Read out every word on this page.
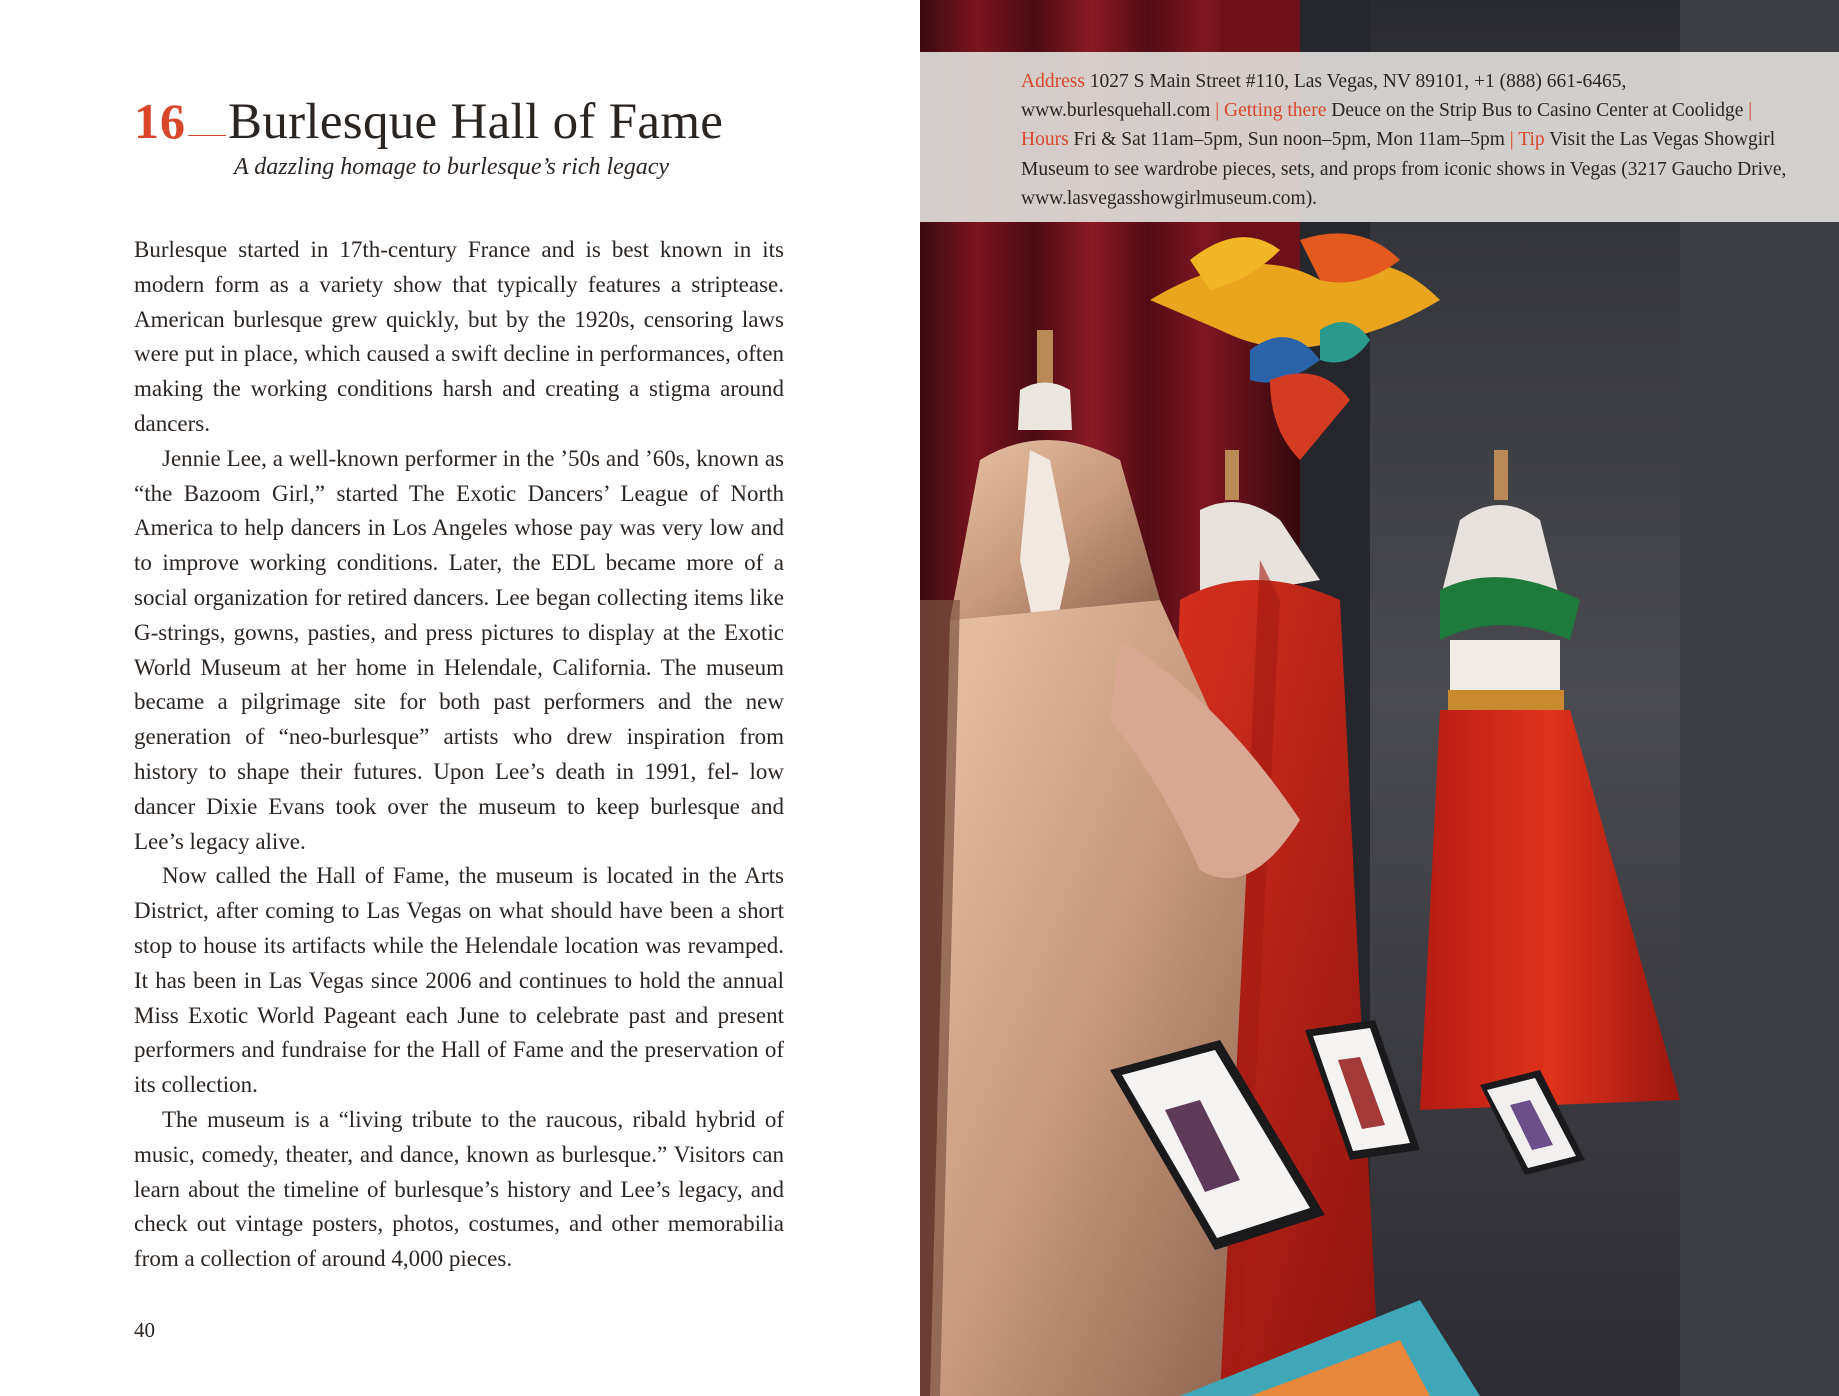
16 Burlesque Hall of Fame
A dazzling homage to burlesque’s rich legacy

Burlesque started in 17th-century France and is best known in its modern form as a variety show that typically features a striptease. American burlesque grew quickly, but by the 1920s, censoring laws were put in place, which caused a swift decline in performances, often making the working conditions harsh and creating a stigma around dancers.

Jennie Lee, a well-known performer in the ’50s and ’60s, known as “the Bazoom Girl,” started The Exotic Dancers’ League of North America to help dancers in Los Angeles whose pay was very low and to improve working conditions. Later, the EDL became more of a social organization for retired dancers. Lee began collecting items like G-strings, gowns, pasties, and press pictures to display at the Exotic World Museum at her home in Helendale, California. The museum became a pilgrimage site for both past performers and the new generation of “neo-burlesque” artists who drew inspiration from history to shape their futures. Upon Lee’s death in 1991, fel- low dancer Dixie Evans took over the museum to keep burlesque and Lee’s legacy alive.

Now called the Hall of Fame, the museum is located in the Arts District, after coming to Las Vegas on what should have been a short stop to house its artifacts while the Helendale location was revamped. It has been in Las Vegas since 2006 and continues to hold the annual Miss Exotic World Pageant each June to celebrate past and present performers and fundraise for the Hall of Fame and the preservation of its collection.

The museum is a “living tribute to the raucous, ribald hybrid of music, comedy, theater, and dance, known as burlesque.” Visitors can learn about the timeline of burlesque’s history and Lee’s legacy, and check out vintage posters, photos, costumes, and other memorabilia from a collection of around 4,000 pieces.

40
Address 1027 S Main Street #110, Las Vegas, NV 89101, +1 (888) 661-6465, www.burlesquehall.com | Getting there Deuce on the Strip Bus to Casino Center at Coolidge | Hours Fri & Sat 11am–5pm, Sun noon–5pm, Mon 11am–5pm | Tip Visit the Las Vegas Showgirl Museum to see wardrobe pieces, sets, and props from iconic shows in Vegas (3217 Gaucho Drive, www.lasvegasshowgirlmuseum.com).
